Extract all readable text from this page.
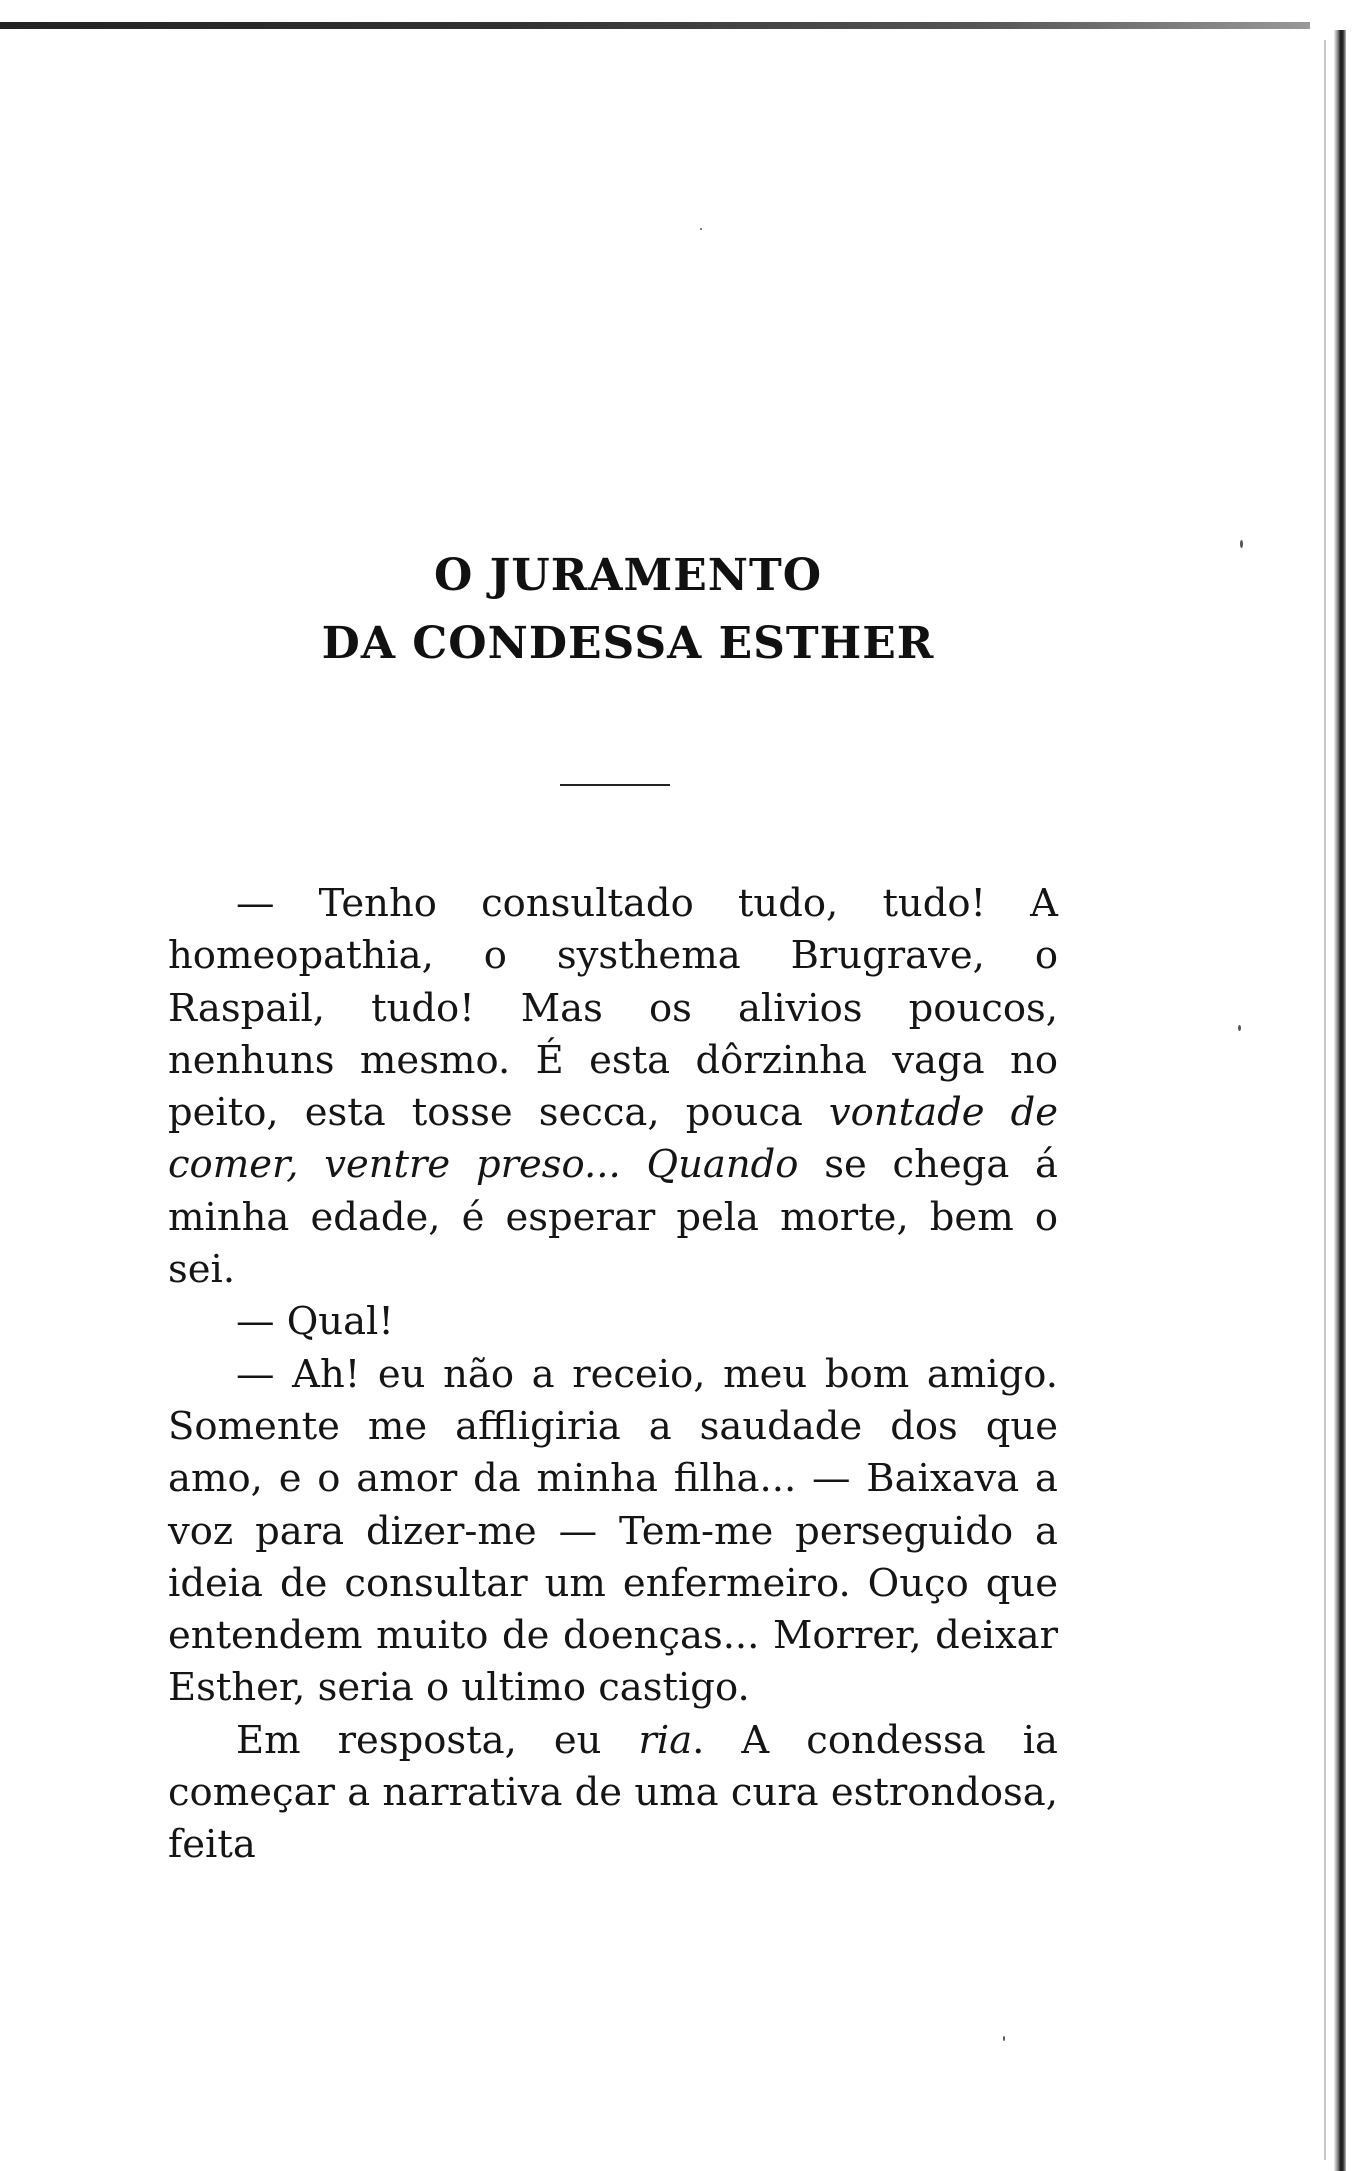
O JURAMENTO
DA CONDESSA ESTHER

— Tenho consultado tudo, tudo! A homeopathia, o systhema Brugrave, o Raspail, tudo! Mas os alivios poucos, nenhuns mesmo. É esta dôrzinha vaga no peito, esta tosse secca, pouca vontade de comer, ventre preso... Quando se chega á minha edade, é esperar pela morte, bem o sei.

— Qual!

— Ah! eu não a receio, meu bom amigo. Somente me affligiria a saudade dos que amo, e o amor da minha filha... — Baixava a voz para dizer-me — Tem-me perseguido a ideia de consultar um enfermeiro. Ouço que entendem muito de doenças... Morrer, deixar Esther, seria o ultimo castigo.

Em resposta, eu ria. A condessa ia começar a narrativa de uma cura estrondosa, feita
